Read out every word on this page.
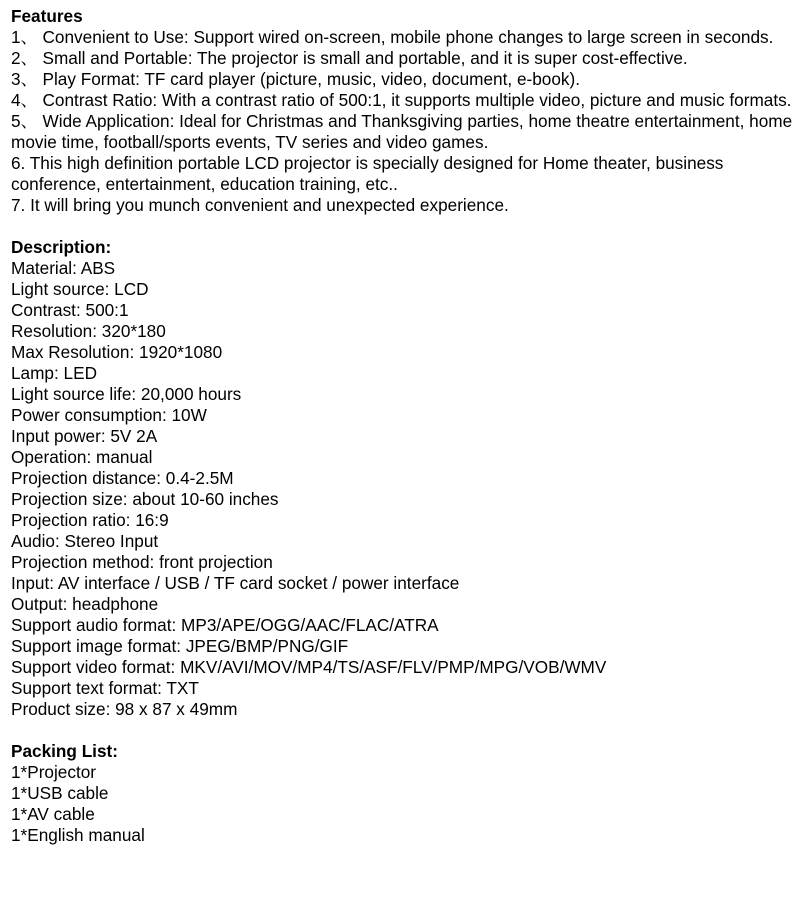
Features

1、 Convenient to Use: Support wired on-screen, mobile phone changes to large screen in seconds.
2、 Small and Portable: The projector is small and portable, and it is super cost-effective.
3、 Play Format: TF card player (picture, music, video, document, e-book).
4、 Contrast Ratio: With a contrast ratio of 500:1, it supports multiple video, picture and music formats.
5、 Wide Application: Ideal for Christmas and Thanksgiving parties, home theatre entertainment, home movie time, football/sports events, TV series and video games.
6. This high definition portable LCD projector is specially designed for Home theater, business conference, entertainment, education training, etc..
7. It will bring you munch convenient and unexpected experience.

Description:

Material: ABS
Light source: LCD
Contrast: 500:1
Resolution: 320*180
Max Resolution: 1920*1080
Lamp: LED
Light source life: 20,000 hours
Power consumption: 10W
Input power: 5V 2A
Operation: manual
Projection distance: 0.4-2.5M
Projection size: about 10-60 inches
Projection ratio: 16:9
Audio: Stereo Input
Projection method: front projection
Input: AV interface / USB / TF card socket / power interface
Output: headphone
Support audio format: MP3/APE/OGG/AAC/FLAC/ATRA
Support image format: JPEG/BMP/PNG/GIF
Support video format: MKV/AVI/MOV/MP4/TS/ASF/FLV/PMP/MPG/VOB/WMV
Support text format: TXT
Product size: 98 x 87 x 49mm

Packing List:

1*Projector
1*USB cable
1*AV cable
1*English manual
